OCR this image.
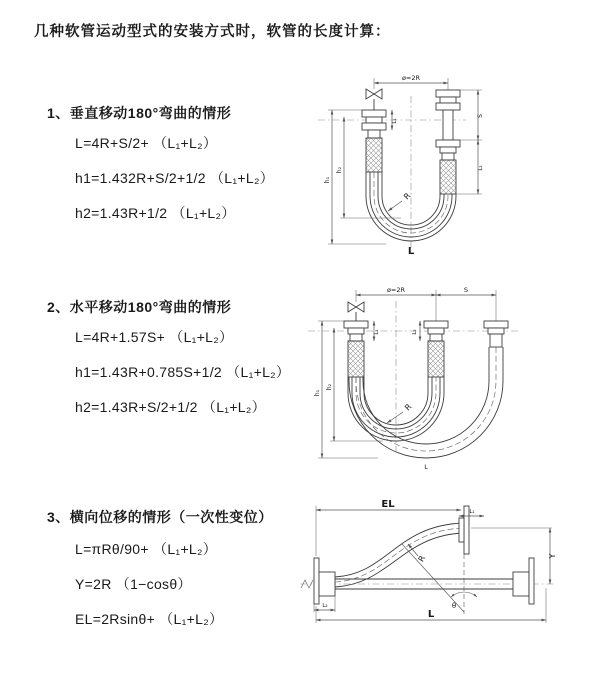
几种软管运动型式的安装方式时，软管的长度计算：
1、垂直移动180°弯曲的情形
L=4R+S/2+ （L₁+L₂）
h1=1.432R+S/2+1/2 （L₁+L₂）
h2=1.43R+1/2 （L₁+L₂）
ø=2R
h₁
h₂
S
L₂
L₁
R
L
2、水平移动180°弯曲的情形
L=4R+1.57S+ （L₁+L₂）
h1=1.43R+0.785S+1/2 （L₁+L₂）
h2=1.43R+S/2+1/2 （L₁+L₂）
ø=2R	S
h₁
h₂
L₁	L₂
R
L
3、横向位移的情形（一次性变位）
L=πRθ/90+ （L₁+L₂）
Y=2R （1−cosθ）
EL=2Rsinθ+ （L₁+L₂）
EL
L₁
Y
R
θ
L₂
L
